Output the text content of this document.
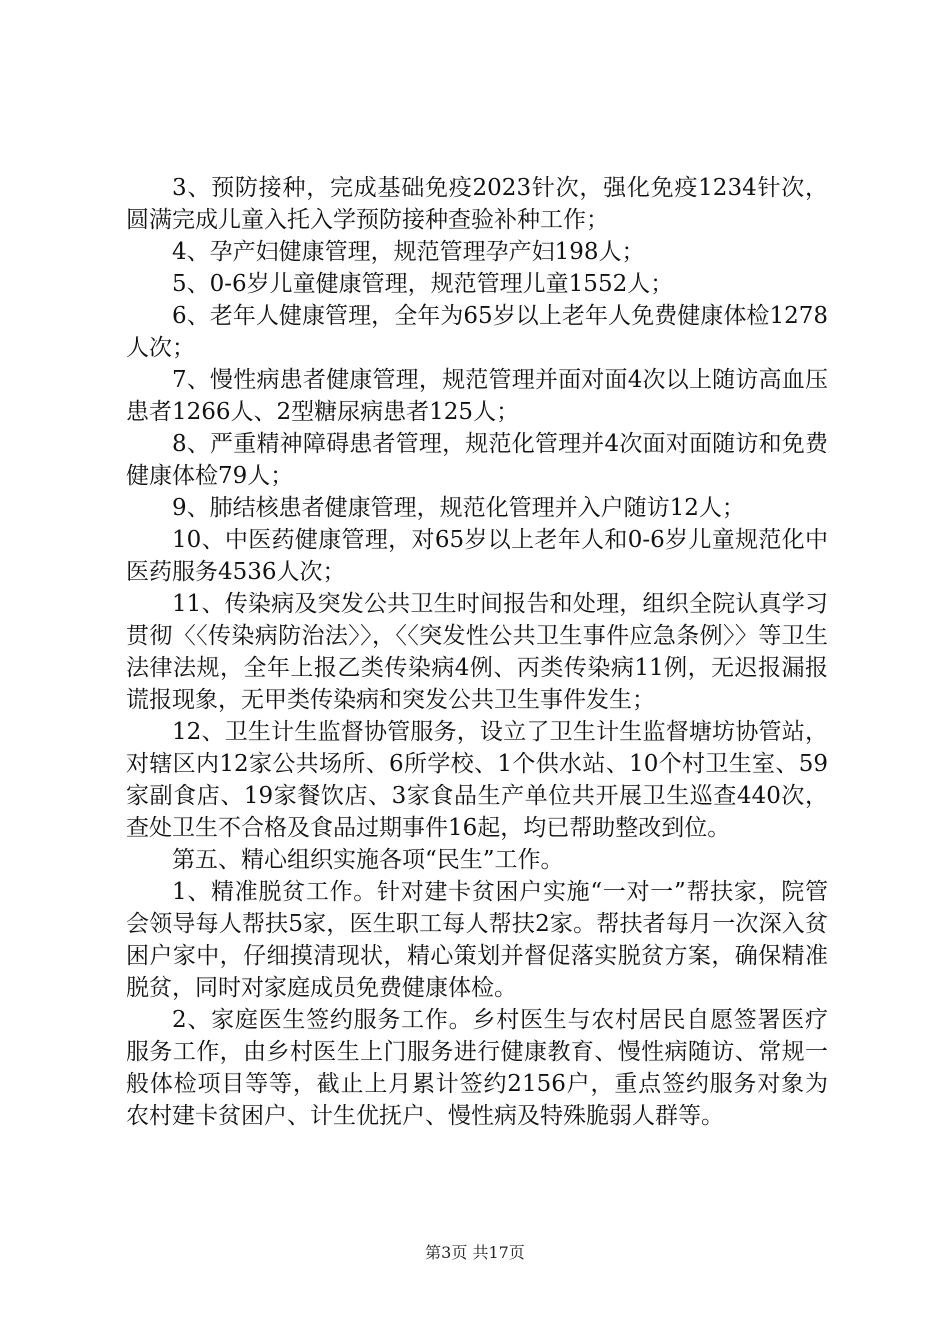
3、预防接种，完成基础免疫2023针次，强化免疫1234针次，圆满完成儿童入托入学预防接种查验补种工作；

4、孕产妇健康管理，规范管理孕产妇198人；

5、0-6岁儿童健康管理，规范管理儿童1552人；

6、老年人健康管理，全年为65岁以上老年人免费健康体检1278人次；

7、慢性病患者健康管理，规范管理并面对面4次以上随访高血压患者1266人、2型糖尿病患者125人；

8、严重精神障碍患者管理，规范化管理并4次面对面随访和免费健康体检79人；

9、肺结核患者健康管理，规范化管理并入户随访12人；

10、中医药健康管理，对65岁以上老年人和0-6岁儿童规范化中医药服务4536人次；

11、传染病及突发公共卫生时间报告和处理，组织全院认真学习贯彻〈〈传染病防治法〉〉，〈〈突发性公共卫生事件应急条例〉〉等卫生法律法规，全年上报乙类传染病4例、丙类传染病11例，无迟报漏报谎报现象，无甲类传染病和突发公共卫生事件发生；

12、卫生计生监督协管服务，设立了卫生计生监督塘坊协管站，对辖区内12家公共场所、6所学校、1个供水站、10个村卫生室、59家副食店、19家餐饮店、3家食品生产单位共开展卫生巡查440次，查处卫生不合格及食品过期事件16起，均已帮助整改到位。

第五、精心组织实施各项“民生”工作。

1、精准脱贫工作。针对建卡贫困户实施“一对一”帮扶家，院管会领导每人帮扶5家，医生职工每人帮扶2家。帮扶者每月一次深入贫困户家中，仔细摸清现状，精心策划并督促落实脱贫方案，确保精准脱贫，同时对家庭成员免费健康体检。

2、家庭医生签约服务工作。乡村医生与农村居民自愿签署医疗服务工作，由乡村医生上门服务进行健康教育、慢性病随访、常规一般体检项目等等，截止上月累计签约2156户，重点签约服务对象为农村建卡贫困户、计生优抚户、慢性病及特殊脆弱人群等。

第3页 共17页
